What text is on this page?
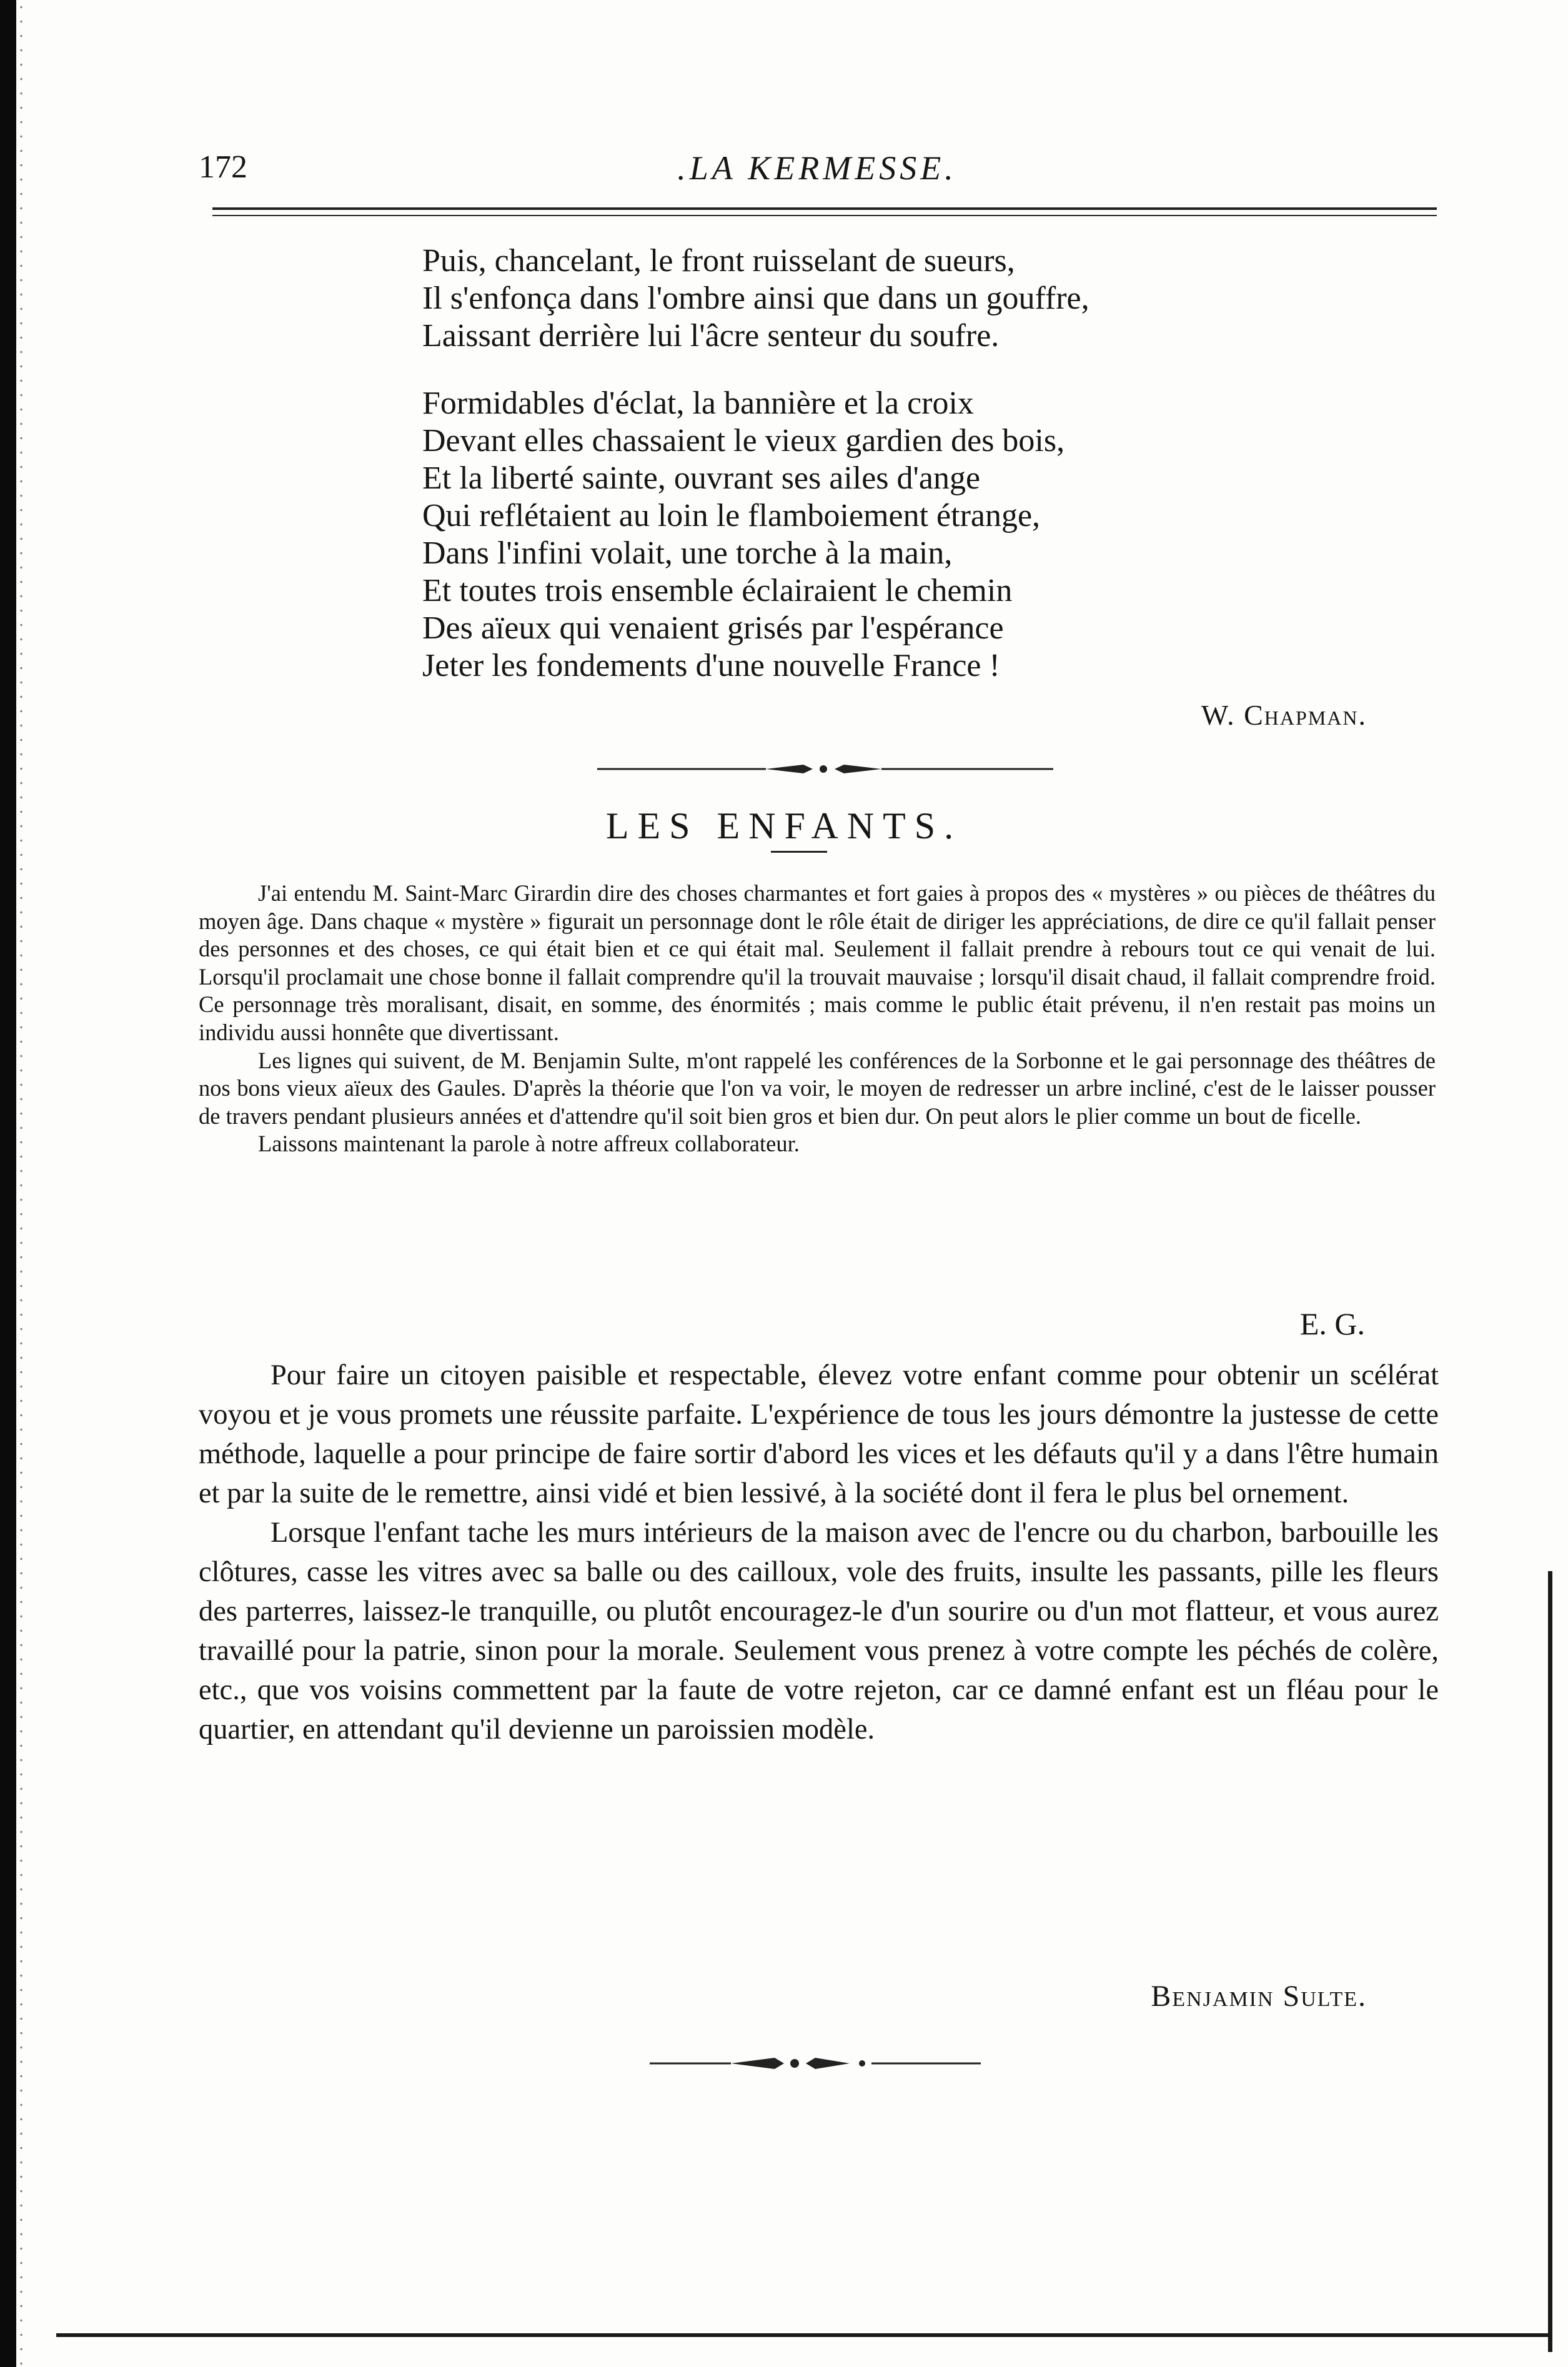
172	.LA KERMESSE.
Puis, chancelant, le front ruisselant de sueurs,
Il s'enfonça dans l'ombre ainsi que dans un gouffre,
Laissant derrière lui l'âcre senteur du soufre.
Formidables d'éclat, la bannière et la croix
Devant elles chassaient le vieux gardien des bois,
Et la liberté sainte, ouvrant ses ailes d'ange
Qui reflétaient au loin le flamboiement étrange,
Dans l'infini volait, une torche à la main,
Et toutes trois ensemble éclairaient le chemin
Des aïeux qui venaient grisés par l'espérance
Jeter les fondements d'une nouvelle France !
W. Chapman.
LES ENFANTS.

J'ai entendu M. Saint-Marc Girardin dire des choses charmantes et fort gaies à propos des « mystères » ou pièces de théâtres du moyen âge. Dans chaque « mystère » figurait un personnage dont le rôle était de diriger les appréciations, de dire ce qu'il fallait penser des personnes et des choses, ce qui était bien et ce qui était mal. Seulement il fallait prendre à rebours tout ce qui venait de lui. Lorsqu'il proclamait une chose bonne il fallait comprendre qu'il la trouvait mauvaise ; lorsqu'il disait chaud, il fallait comprendre froid. Ce personnage très moralisant, disait, en somme, des énormités ; mais comme le public était prévenu, il n'en restait pas moins un individu aussi honnête que divertissant.

Les lignes qui suivent, de M. Benjamin Sulte, m'ont rappelé les conférences de la Sorbonne et le gai personnage des théâtres de nos bons vieux aïeux des Gaules. D'après la théorie que l'on va voir, le moyen de redresser un arbre incliné, c'est de le laisser pousser de travers pendant plusieurs années et d'attendre qu'il soit bien gros et bien dur. On peut alors le plier comme un bout de ficelle.

Laissons maintenant la parole à notre affreux collaborateur.

E. G.

Pour faire un citoyen paisible et respectable, élevez votre enfant comme pour obtenir un scélérat voyou et je vous promets une réussite parfaite. L'expérience de tous les jours démontre la justesse de cette méthode, laquelle a pour principe de faire sortir d'abord les vices et les défauts qu'il y a dans l'être humain et par la suite de le remettre, ainsi vidé et bien lessivé, à la société dont il fera le plus bel ornement.

Lorsque l'enfant tache les murs intérieurs de la maison avec de l'encre ou du charbon, barbouille les clôtures, casse les vitres avec sa balle ou des cailloux, vole des fruits, insulte les passants, pille les fleurs des parterres, laissez-le tranquille, ou plutôt encouragez-le d'un sourire ou d'un mot flatteur, et vous aurez travaillé pour la patrie, sinon pour la morale. Seulement vous prenez à votre compte les péchés de colère, etc., que vos voisins commettent par la faute de votre rejeton, car ce damné enfant est un fléau pour le quartier, en attendant qu'il devienne un paroissien modèle.

Benjamin Sulte.
